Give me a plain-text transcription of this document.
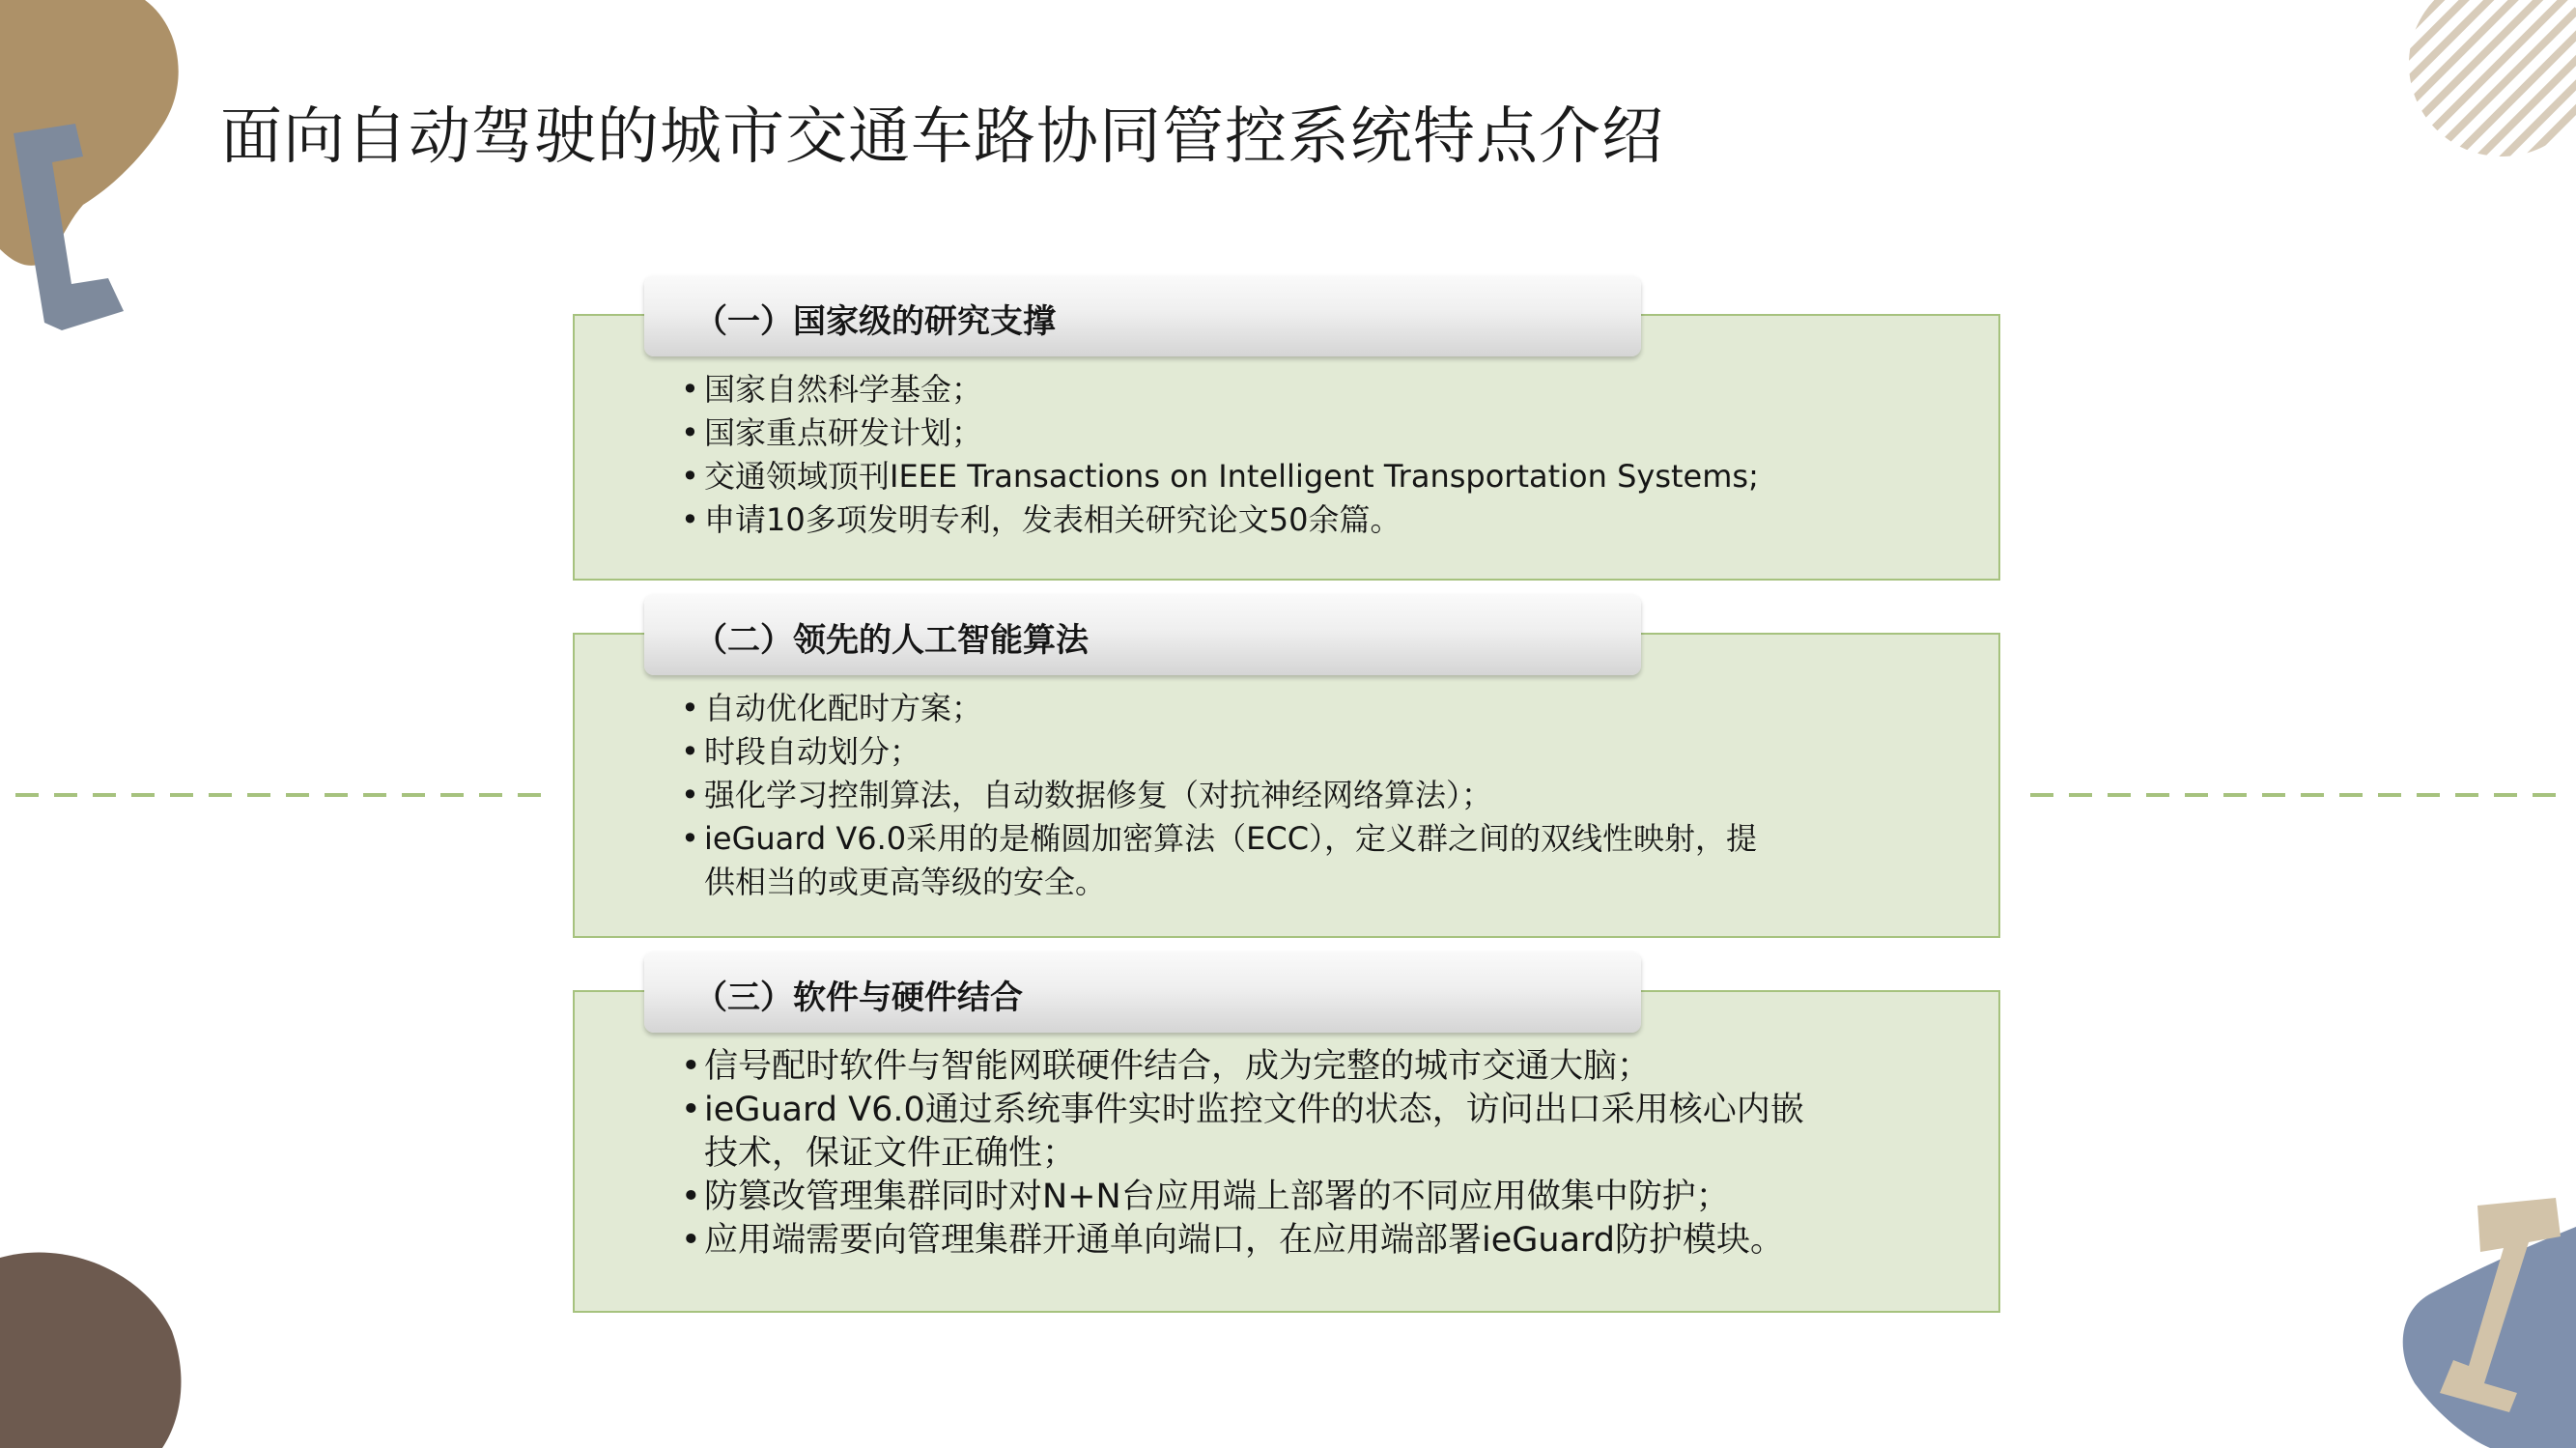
面向自动驾驶的城市交通车路协同管控系统特点介绍
（一）国家级的研究支撑
• 国家自然科学基金；
• 国家重点研发计划；
• 交通领域顶刊IEEE Transactions on Intelligent Transportation Systems;
• 申请10多项发明专利，发表相关研究论文50余篇。
（二）领先的人工智能算法
• 自动优化配时方案；
• 时段自动划分；
• 强化学习控制算法，自动数据修复（对抗神经网络算法）；
• ieGuard V6.0采用的是椭圆加密算法（ECC），定义群之间的双线性映射，提
供相当的或更高等级的安全。
（三）软件与硬件结合
• 信号配时软件与智能网联硬件结合，成为完整的城市交通大脑；
• ieGuard V6.0通过系统事件实时监控文件的状态，访问出口采用核心内嵌
技术，保证文件正确性；
• 防篡改管理集群同时对N+N台应用端上部署的不同应用做集中防护；
• 应用端需要向管理集群开通单向端口，在应用端部署ieGuard防护模块。
